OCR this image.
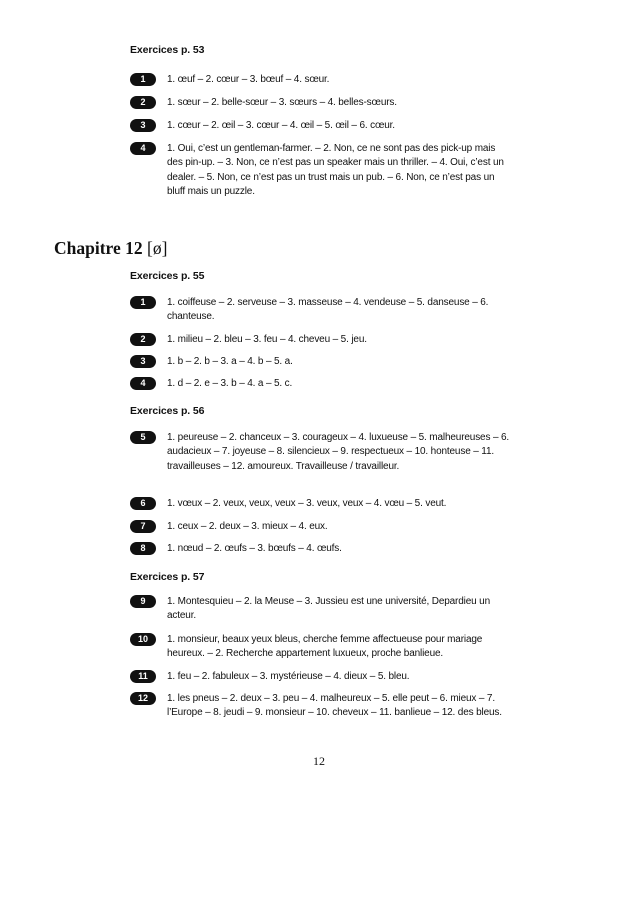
Exercices p. 53
1	1. œuf – 2. cœur – 3. bœuf – 4. sœur.
2	1. sœur – 2. belle-sœur – 3. sœurs – 4. belles-sœurs.
3	1. cœur – 2. œil – 3. cœur – 4. œil – 5. œil – 6. cœur.
4	1. Oui, c’est un gentleman-farmer. – 2. Non, ce ne sont pas des pick-up mais des pin-up. – 3. Non, ce n’est pas un speaker mais un thriller. – 4. Oui, c’est un dealer. – 5. Non, ce n’est pas un trust mais un pub. – 6. Non, ce n’est pas un bluff mais un puzzle.
Chapitre 12 [ø]
Exercices p. 55
1	1. coiffeuse – 2. serveuse – 3. masseuse – 4. vendeuse – 5. danseuse – 6. chanteuse.
2	1. milieu – 2. bleu – 3. feu – 4. cheveu – 5. jeu.
3	1. b – 2. b – 3. a – 4. b – 5. a.
4	1. d – 2. e – 3. b – 4. a – 5. c.
Exercices p. 56
5	1. peureuse – 2. chanceux – 3. courageux – 4. luxueuse – 5. malheureuses – 6. audacieux – 7. joyeuse – 8. silencieux – 9. respectueux – 10. honteuse – 11. travailleuses – 12. amoureux. Travailleuse / travailleur.
6	1. vœux – 2. veux, veux, veux – 3. veux, veux – 4. vœu – 5. veut.
7	1. ceux – 2. deux – 3. mieux – 4. eux.
8	1. nœud – 2. œufs – 3. bœufs – 4. œufs.
Exercices p. 57
9	1. Montesquieu – 2. la Meuse – 3. Jussieu est une université, Depardieu un acteur.
10	1. monsieur, beaux yeux bleus, cherche femme affectueuse pour mariage heureux. – 2. Recherche appartement luxueux, proche banlieue.
11	1. feu – 2. fabuleux – 3. mystérieuse – 4. dieux – 5. bleu.
12	1. les pneus – 2. deux – 3. peu – 4. malheureux – 5. elle peut – 6. mieux – 7. l’Europe – 8. jeudi – 9. monsieur – 10. cheveux – 11. banlieue – 12. des bleus.
12
